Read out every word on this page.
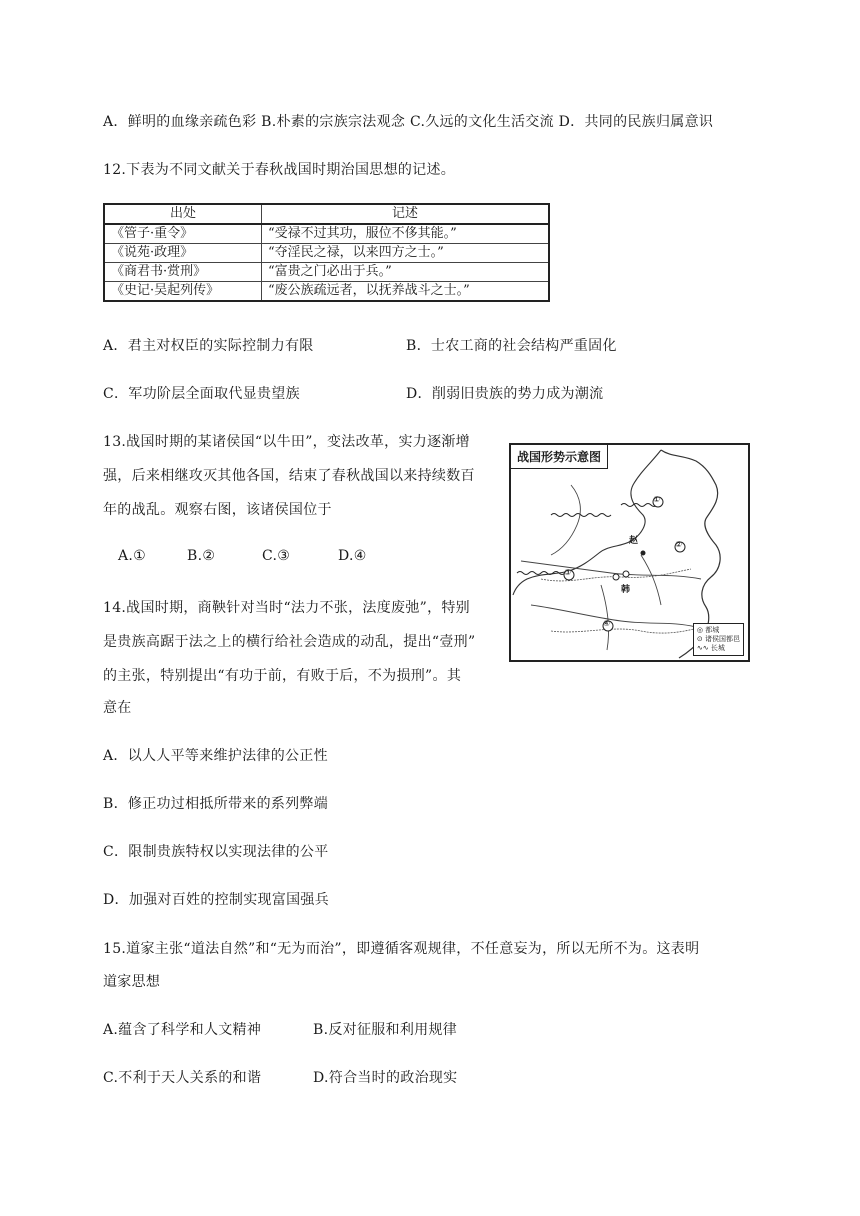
A．鲜明的血缘亲疏色彩 B.朴素的宗族宗法观念 C.久远的文化生活交流 D．共同的民族归属意识
12.下表为不同文献关于春秋战国时期治国思想的记述。
出处	记述
《管子·重令》	“受禄不过其功，服位不侈其能。”
《说苑·政理》	“夺淫民之禄，以来四方之士。”
《商君书·赏刑》	“富贵之门必出于兵。”
《史记·吴起列传》	“废公族疏远者，以抚养战斗之士。”
A．君主对权臣的实际控制力有限	B．士农工商的社会结构严重固化
C．军功阶层全面取代显贵望族	D．削弱旧贵族的势力成为潮流
13.战国时期的某诸侯国“以牛田”，变法改革，实力逐渐增
强，后来相继攻灭其他各国，结束了春秋战国以来持续数百
年的战乱。观察右图，该诸侯国位于
A.①	B.②	C.③	D.④
战国形势示意图
①
②
③
④
赵
韩
◎ 都城
⊙ 诸侯国都邑
∿∿ 长城
14.战国时期，商鞅针对当时“法力不张，法度废弛”，特别
是贵族高踞于法之上的横行给社会造成的动乱，提出“壹刑”
的主张，特别提出“有功于前，有败于后，不为损刑”。其
意在
A．以人人平等来维护法律的公正性
B．修正功过相抵所带来的系列弊端
C．限制贵族特权以实现法律的公平
D．加强对百姓的控制实现富国强兵
15.道家主张“道法自然”和“无为而治”，即遵循客观规律，不任意妄为，所以无所不为。这表明
道家思想
A.蕴含了科学和人文精神	B.反对征服和利用规律
C.不利于天人关系的和谐	D.符合当时的政治现实
